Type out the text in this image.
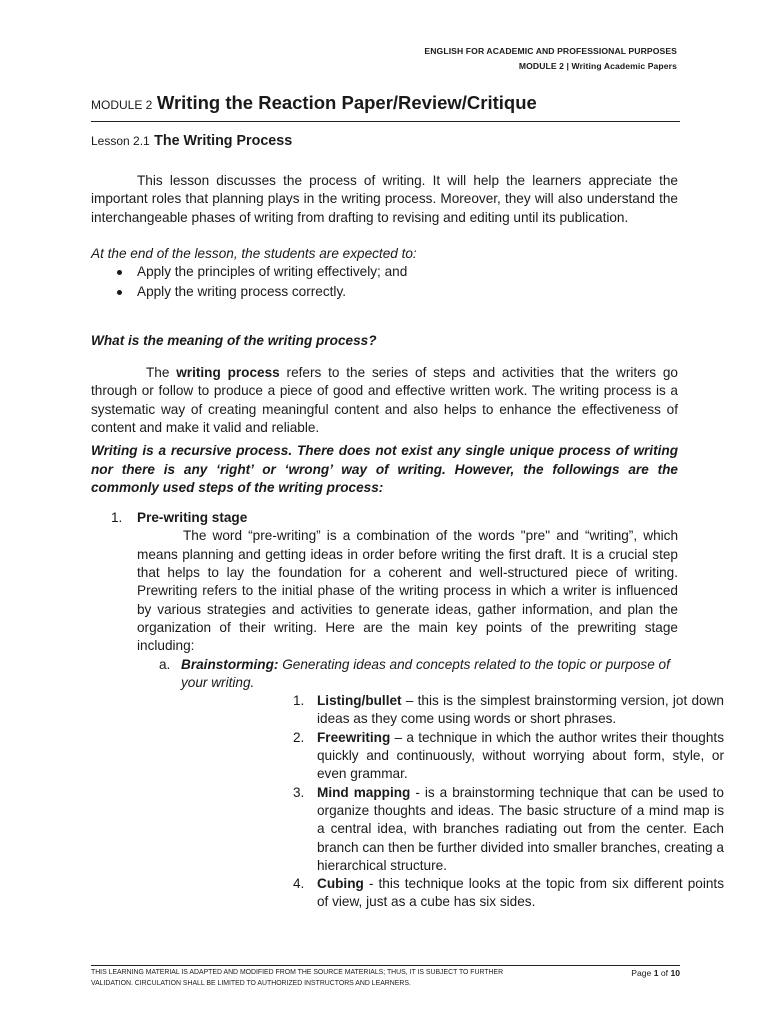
ENGLISH FOR ACADEMIC AND PROFESSIONAL PURPOSES
MODULE 2 | Writing Academic Papers
MODULE 2 Writing the Reaction Paper/Review/Critique
Lesson 2.1 The Writing Process

This lesson discusses the process of writing. It will help the learners appreciate the important roles that planning plays in the writing process. Moreover, they will also understand the interchangeable phases of writing from drafting to revising and editing until its publication.

At the end of the lesson, the students are expected to:

Apply the principles of writing effectively; and
Apply the writing process correctly.

What is the meaning of the writing process?

The writing process refers to the series of steps and activities that the writers go through or follow to produce a piece of good and effective written work. The writing process is a systematic way of creating meaningful content and also helps to enhance the effectiveness of content and make it valid and reliable.

Writing is a recursive process. There does not exist any single unique process of writing nor there is any ‘right’ or ‘wrong’ way of writing. However, the followings are the commonly used steps of the writing process:

1. Pre-writing stage

The word “pre-writing” is a combination of the words "pre" and “writing”, which means planning and getting ideas in order before writing the first draft. It is a crucial step that helps to lay the foundation for a coherent and well-structured piece of writing. Prewriting refers to the initial phase of the writing process in which a writer is influenced by various strategies and activities to generate ideas, gather information, and plan the organization of their writing. Here are the main key points of the prewriting stage including:

a. Brainstorming: Generating ideas and concepts related to the topic or purpose of your writing.

1. Listing/bullet – this is the simplest brainstorming version, jot down ideas as they come using words or short phrases.
2. Freewriting – a technique in which the author writes their thoughts quickly and continuously, without worrying about form, style, or even grammar.
3. Mind mapping - is a brainstorming technique that can be used to organize thoughts and ideas. The basic structure of a mind map is a central idea, with branches radiating out from the center. Each branch can then be further divided into smaller branches, creating a hierarchical structure.
4. Cubing - this technique looks at the topic from six different points of view, just as a cube has six sides.
THIS LEARNING MATERIAL IS ADAPTED AND MODIFIED FROM THE SOURCE MATERIALS; THUS, IT IS SUBJECT TO FURTHER VALIDATION. CIRCULATION SHALL BE LIMITED TO AUTHORIZED INSTRUCTORS AND LEARNERS.
Page 1 of 10
